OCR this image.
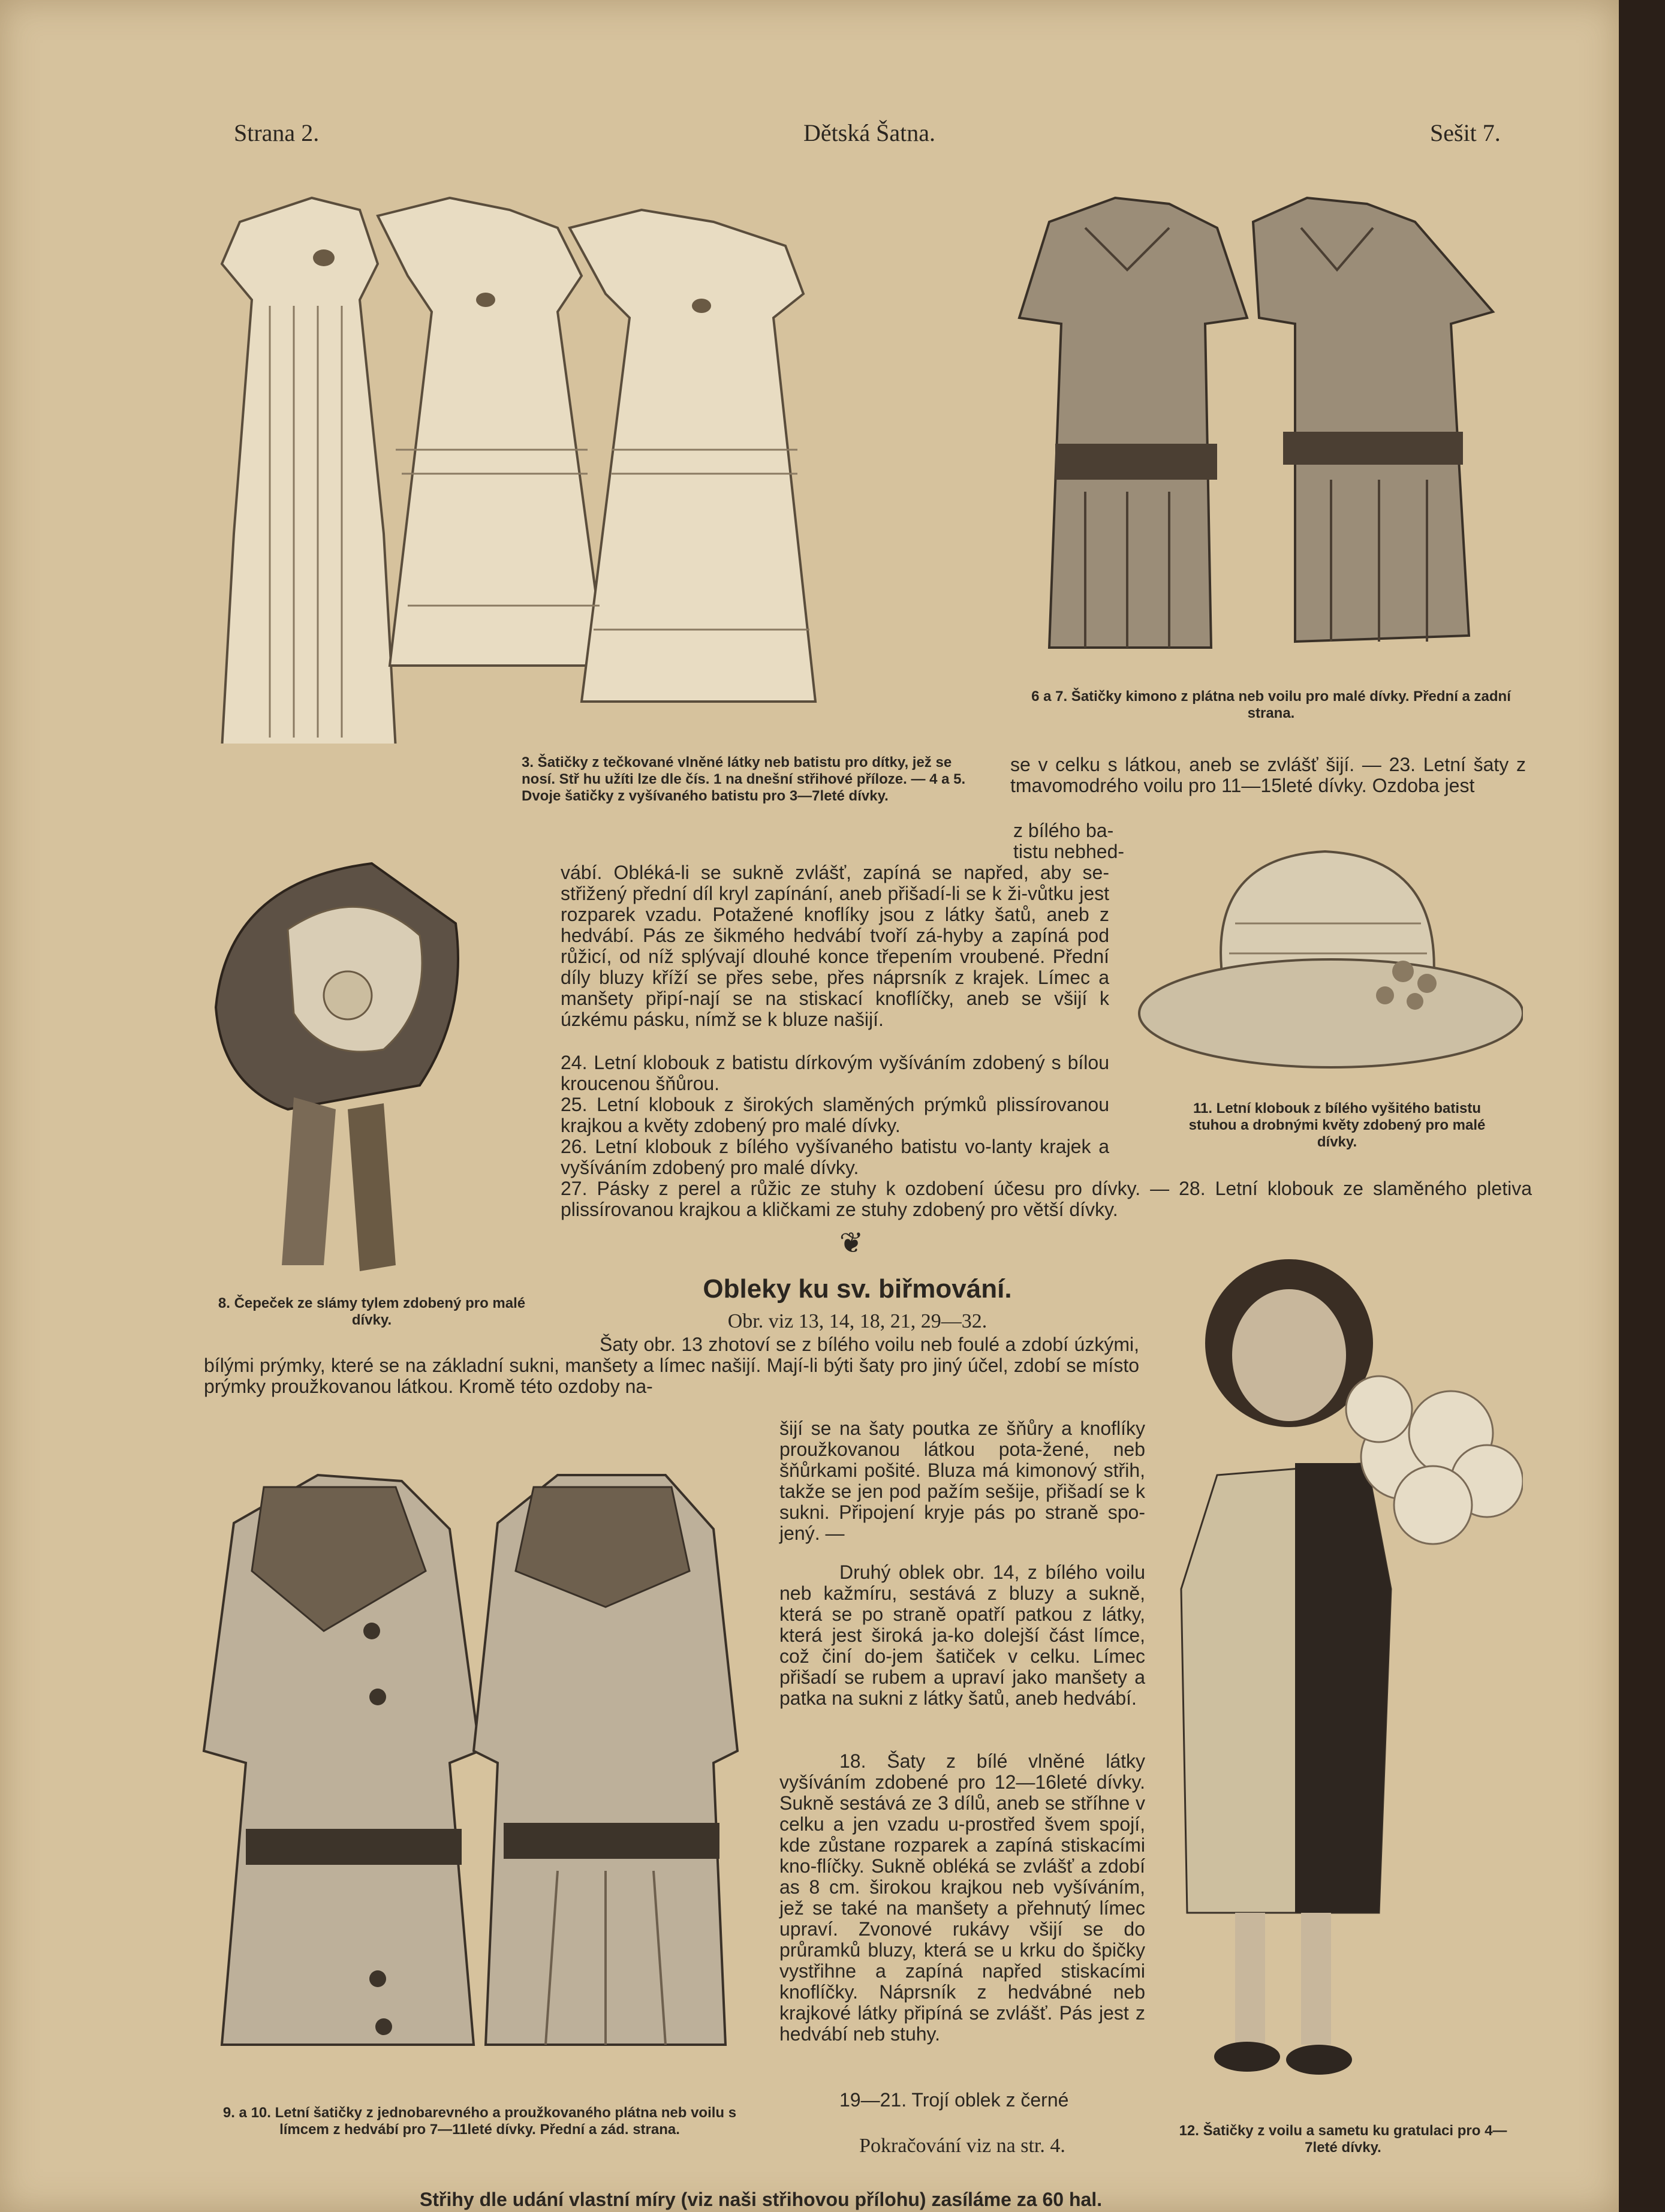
Strana 2.	Dětská Šatna.	Sešit 7.
6 a 7. Šatičky kimono z plátna neb voilu pro malé dívky. Přední a zadní strana.
3. Šatičky z tečkované vlněné látky neb batistu pro dítky, jež se nosí. Stř hu užíti lze dle čís. 1 na dnešní střihové příloze. — 4 a 5. Dvoje šatičky z vyšívaného batistu pro 3—7leté dívky.
se v celku s látkou, aneb se zvlášť šijí. — 23. Letní šaty z tmavomodrého voilu pro 11—15leté dívky. Ozdoba jest
z bílého ba-
tistu nebhed-
8. Čepeček ze slámy tylem zdobený pro malé dívky.
vábí. Obléká-li se sukně zvlášť, zapíná se napřed, aby se-střižený přední díl kryl zapínání, aneb přišadí-li se k ži-vůtku jest rozparek vzadu. Potažené knoflíky jsou z látky šatů, aneb z hedvábí. Pás ze šikmého hedvábí tvoří zá-hyby a zapíná pod růžicí, od níž splývají dlouhé konce třepením vroubené. Přední díly bluzy kříží se přes sebe, přes náprsník z krajek. Límec a manšety připí-nají se na stiskací knoflíčky, aneb se všijí k úzkému pásku, nímž se k bluze našijí.
11. Letní klobouk z bílého vyšitého batistu stuhou a drobnými květy zdobený pro malé dívky.
24. Letní klobouk z batistu dírkovým vyšíváním zdobený s bílou kroucenou šňůrou.
25. Letní klobouk z širokých slaměných prýmků plissírovanou krajkou a květy zdobený pro malé dívky.
26. Letní klobouk z bílého vyšívaného batistu vo-lanty krajek a vyšíváním zdobený pro malé dívky.
27. Pásky z perel a růžic ze stuhy k ozdobení účesu pro dívky. — 28. Letní klobouk ze slaměného pletiva plissírovanou krajkou a kličkami ze stuhy zdobený pro větší dívky.
❦
Obleky ku sv. biřmování.
Obr. viz 13, 14, 18, 21, 29—32.
Šaty obr. 13 zhotoví se z bílého voilu neb foulé a zdobí úzkými, bílými prýmky, které se na základní sukni, manšety a límec našijí. Mají-li býti šaty pro jiný účel, zdobí se místo prýmky proužkovanou látkou. Kromě této ozdoby na-
9. a 10. Letní šatičky z jednobarevného a proužkovaného plátna neb voilu s límcem z hedvábí pro 7—11leté dívky. Přední a zád. strana.
šijí se na šaty poutka ze šňůry a knoflíky proužkovanou látkou pota-žené, neb šňůrkami pošité. Bluza má kimonový střih, takže se jen pod pažím sešije, přišadí se k sukni. Připojení kryje pás po straně spo-jený. —
Druhý oblek obr. 14, z bílého voilu neb kažmíru, sestává z bluzy a sukně, která se po straně opatří patkou z látky, která jest široká ja-ko dolejší část límce, což činí do-jem šatiček v celku. Límec přišadí se rubem a upraví jako manšety a patka na sukni z látky šatů, aneb hedvábí.
18. Šaty z bílé vlněné látky vyšíváním zdobené pro 12—16leté dívky. Sukně sestává ze 3 dílů, aneb se stříhne v celku a jen vzadu u-prostřed švem spojí, kde zůstane rozparek a zapíná stiskacími kno-flíčky. Sukně obléká se zvlášť a zdobí as 8 cm. širokou krajkou neb vyšíváním, jež se také na manšety a přehnutý límec upraví. Zvonové rukávy všijí se do průramků bluzy, která se u krku do špičky vystřihne a zapíná napřed stiskacími knoflíčky. Náprsník z hedvábné neb krajkové látky připíná se zvlášť. Pás jest z hedvábí neb stuhy.
19—21. Trojí oblek z černé
Pokračování viz na str. 4.
12. Šatičky z voilu a sametu ku gratulaci pro 4—7leté dívky.
Střihy dle udání vlastní míry (viz naši střihovou přílohu) zasíláme za 60 hal.
